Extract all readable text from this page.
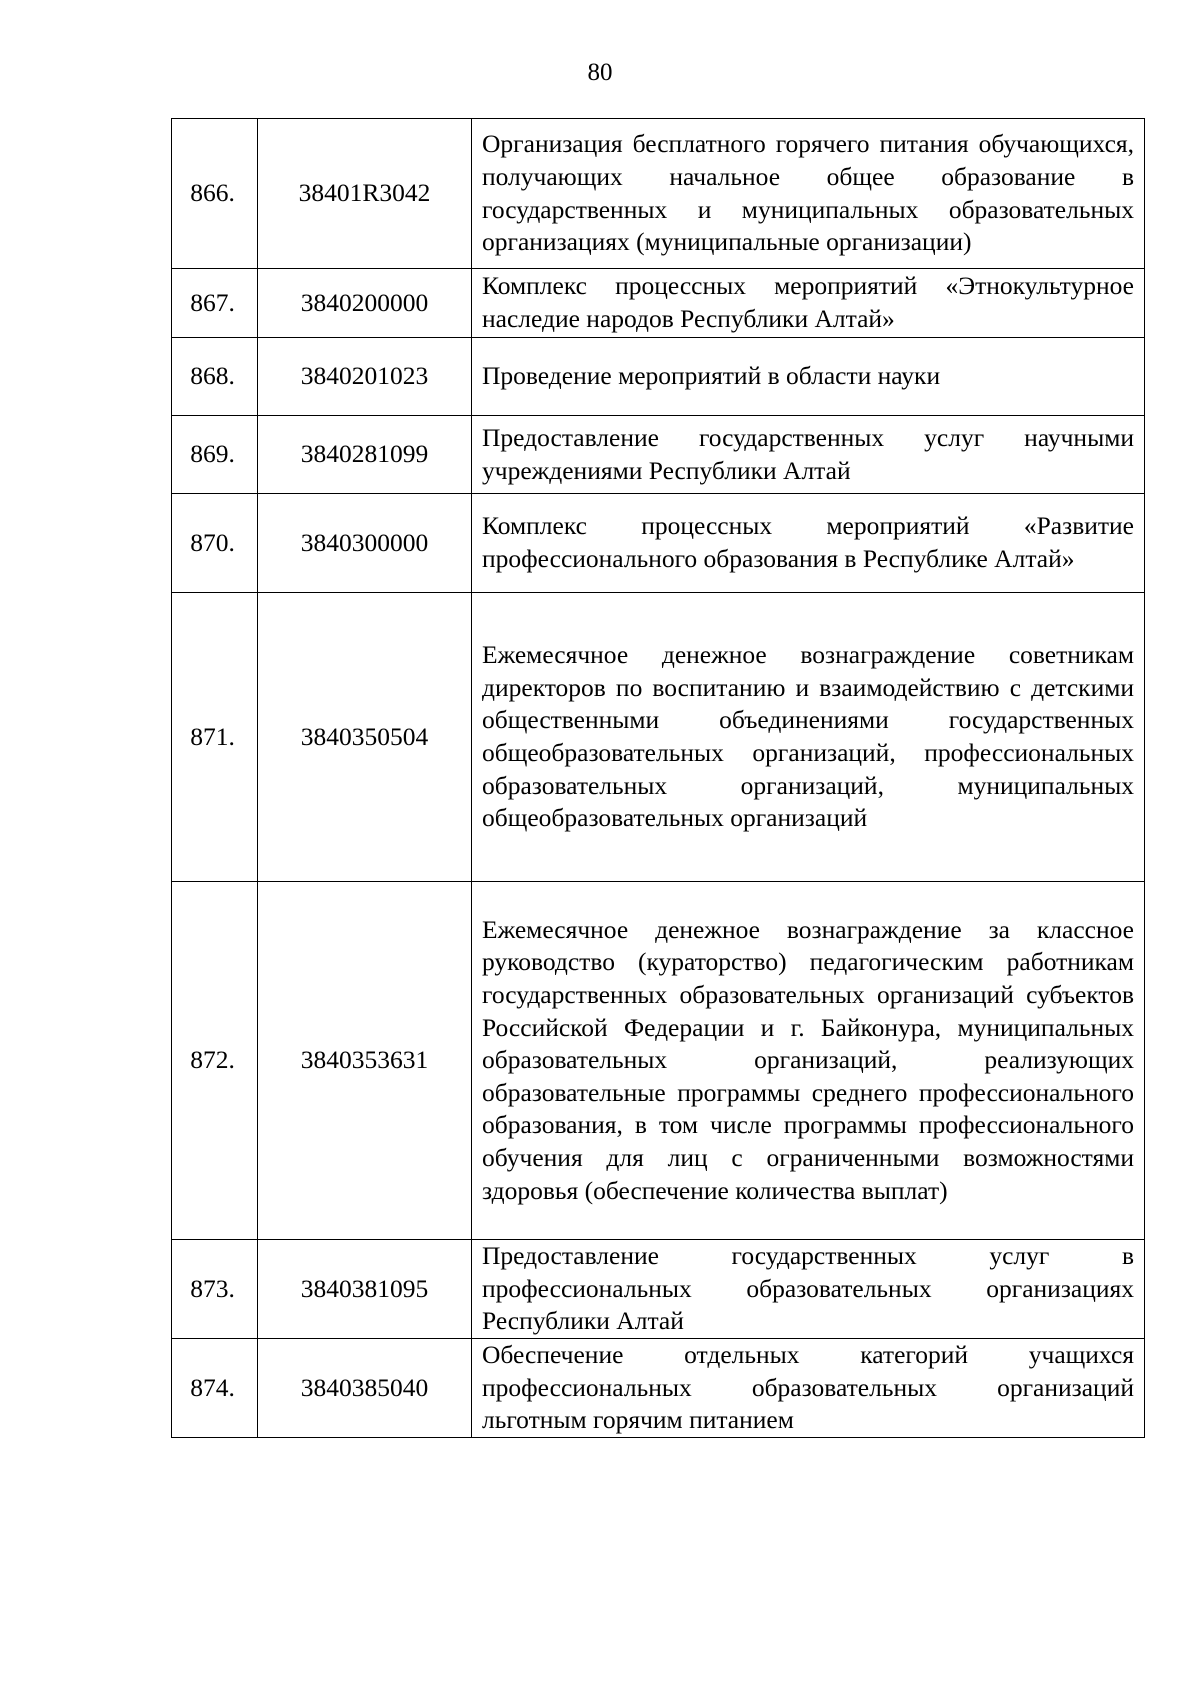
80
866.	38401R3042	Организация бесплатного горячего питания обучающихся, получающих начальное общее образование в государственных и муниципальных образовательных организациях (муниципальные организации)
867.	3840200000	Комплекс процессных мероприятий «Этнокультурное наследие народов Республики Алтай»
868.	3840201023	Проведение мероприятий в области науки
869.	3840281099	Предоставление государственных услуг научными учреждениями Республики Алтай
870.	3840300000	Комплекс процессных мероприятий «Развитие профессионального образования в Республике Алтай»
871.	3840350504	Ежемесячное денежное вознаграждение советникам директоров по воспитанию и взаимодействию с детскими общественными объединениями государственных общеобразовательных организаций, профессиональных образовательных организаций, муниципальных общеобразовательных организаций
872.	3840353631	Ежемесячное денежное вознаграждение за классное руководство (кураторство) педагогическим работникам государственных образовательных организаций субъектов Российской Федерации и г. Байконура, муниципальных образовательных организаций, реализующих образовательные программы среднего профессионального образования, в том числе программы профессионального обучения для лиц с ограниченными возможностями здоровья (обеспечение количества выплат)
873.	3840381095	Предоставление государственных услуг в профессиональных образовательных организациях Республики Алтай
874.	3840385040	Обеспечение отдельных категорий учащихся профессиональных образовательных организаций льготным горячим питанием
